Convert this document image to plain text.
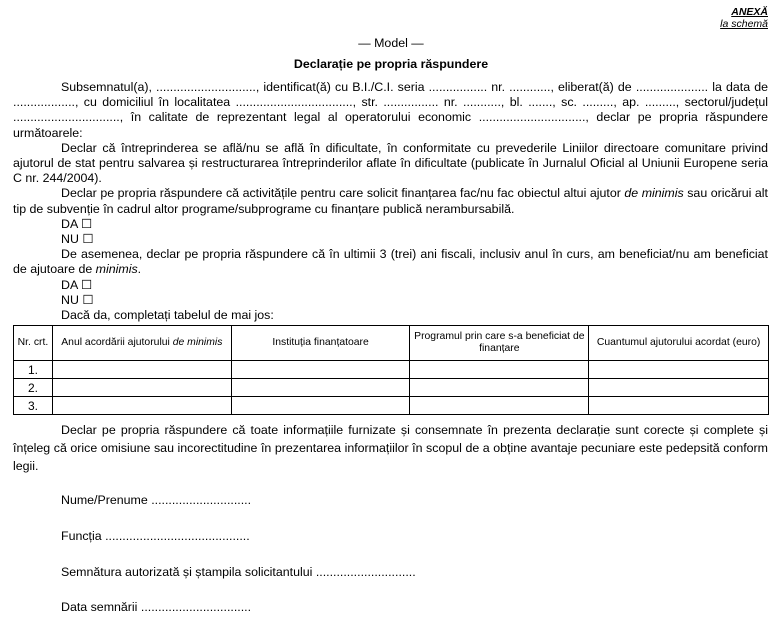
ANEXĂ
la schemă
— Model —
Declarație pe propria răspundere

Subsemnatul(a), ............................., identificat(ă) cu B.I./C.I. seria ................. nr. ............, eliberat(ă) de ..................... la data de .................., cu domiciliul în localitatea .................................., str. ................ nr. ..........., bl. ......., sc. ........., ap. ........., sectorul/județul ..............................., în calitate de reprezentant legal al operatorului economic ..............................., declar pe propria răspundere următoarele:

Declar că întreprinderea se află/nu se află în dificultate, în conformitate cu prevederile Liniilor directoare comunitare privind ajutorul de stat pentru salvarea și restructurarea întreprinderilor aflate în dificultate (publicate în Jurnalul Oficial al Uniunii Europene seria C nr. 244/2004).

Declar pe propria răspundere că activitățile pentru care solicit finanțarea fac/nu fac obiectul altui ajutor de minimis sau oricărui alt tip de subvenție în cadrul altor programe/subprograme cu finanțare publică nerambursabilă.

DA ☐
NU ☐

De asemenea, declar pe propria răspundere că în ultimii 3 (trei) ani fiscali, inclusiv anul în curs, am beneficiat/nu am beneficiat de ajutoare de minimis.

DA ☐
NU ☐
Dacă da, completați tabelul de mai jos:
Nr. crt.	Anul acordării ajutorului de minimis	Instituția finanțatoare	Programul prin care s-a beneficiat de finanțare	Cuantumul ajutorului acordat (euro)
1.				
2.				
3.				

Declar pe propria răspundere că toate informațiile furnizate și consemnate în prezenta declarație sunt corecte și complete și înțeleg că orice omisiune sau incorectitudine în prezentarea informațiilor în scopul de a obține avantaje pecuniare este pedepsită conform legii.

Nume/Prenume .............................
Funcția ..........................................
Semnătura autorizată și ștampila solicitantului .............................
Data semnării ................................
